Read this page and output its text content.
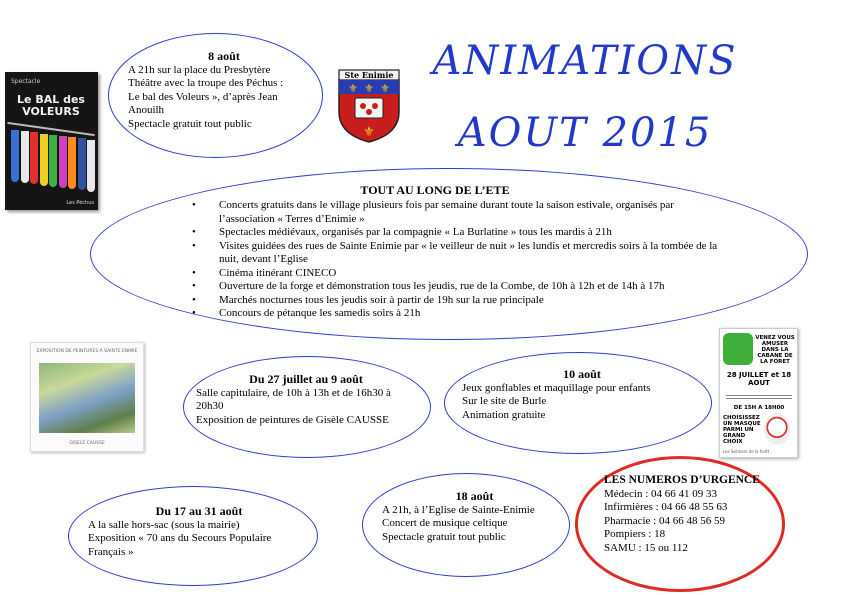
Spectacle
Le BAL des VOLEURS
Les Péchus
8 août
A 21h sur la place du Presbytère
Théâtre avec la troupe des Péchus :
Le bal des Voleurs », d’après Jean
Anouilh
Spectacle gratuit tout public
Ste Enimie
⚜ ⚜ ⚜
⚜
ANIMATIONS
AOUT 2015
TOUT AU LONG DE L’ETE
• Concerts gratuits dans le village plusieurs fois par semaine durant toute la saison estivale, organisés par l’association « Terres d’Enimie »
• Spectacles médiévaux, organisés par la compagnie « La Burlatine » tous les mardis à 21h
• Visites guidées des rues de Sainte Enimie par « le veilleur de nuit » les lundis et mercredis soirs à la tombée de la nuit, devant l’Eglise
• Cinéma itinérant CINECO
• Ouverture de la forge et démonstration tous les jeudis, rue de la Combe, de 10h à 12h et de 14h à 17h
• Marchés nocturnes tous les jeudis soir à partir de 19h sur la rue principale
• Concours de pétanque les samedis soirs à 21h
EXPOSITION DE PEINTURES À SAINTE ENIMIE
GISELE CAUSSE
Du 27 juillet au 9 août
Salle capitulaire, de 10h à 13h et de 16h30 à
20h30
Exposition de peintures de Gisèle CAUSSE
10 août
Jeux gonflables et maquillage pour enfants
Sur le site de Burle
Animation gratuite
VENEZ VOUS AMUSER DANS LA CABANE DE LA FORET
28 JUILLET et 18 AOUT
DE 15H A 18H00
CHOISISSEZ UN MASQUE PARMI UN GRAND CHOIX
Les Sentiers de la forêt
Du 17 au 31 août
A la salle hors-sac (sous la mairie)
Exposition « 70 ans du Secours Populaire
Français »
18 août
A 21h, à l’Eglise de Sainte-Enimie
Concert de musique celtique
Spectacle gratuit tout public
LES NUMEROS D’URGENCE
Médecin : 04 66 41 09 33
Infirmières : 04 66 48 55 63
Pharmacie : 04 66 48 56 59
Pompiers : 18
SAMU : 15 ou 112
